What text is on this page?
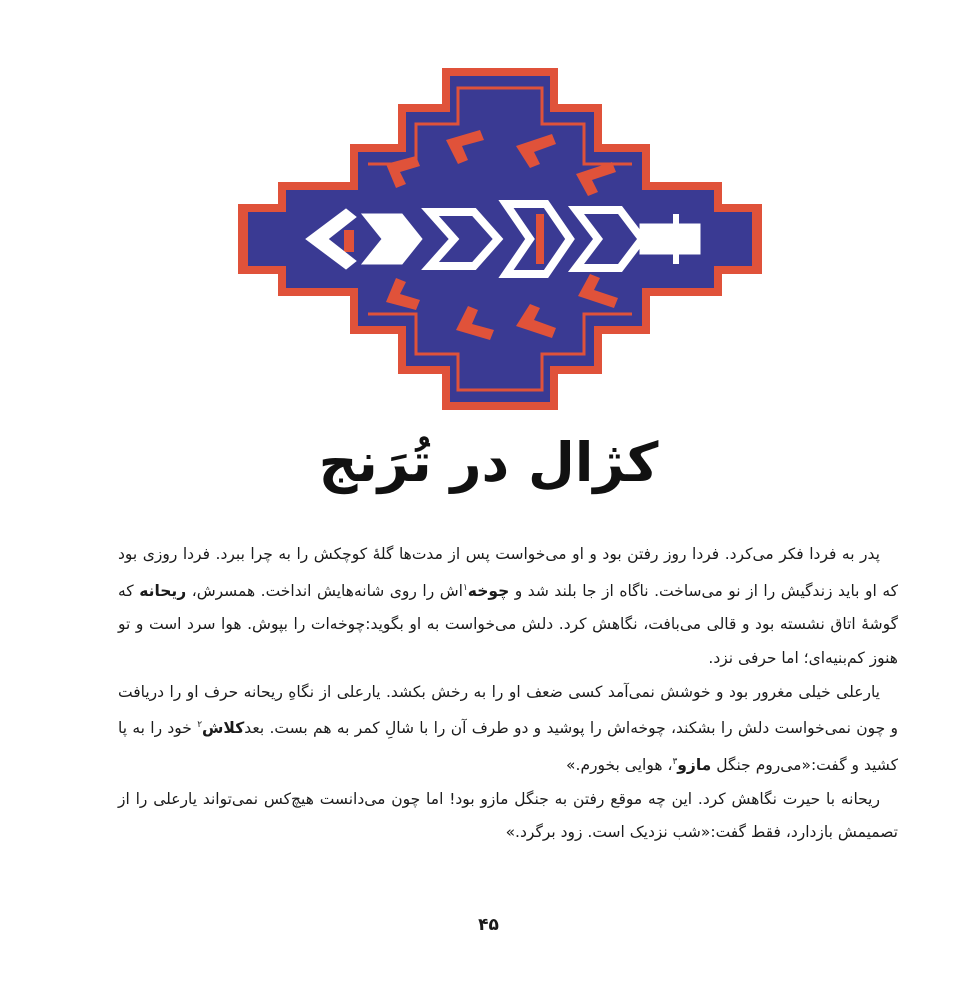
کژال در تُرَنج

پدر به فردا فکر می‌کرد. فردا روز رفتن بود و او می‌خواست پس از مدت‌ها گلهٔ کوچکش را به چرا ببرد. فردا روزی بود که او باید زندگیش را از نو می‌ساخت. ناگاه از جا بلند شد و چوخه$^۱$اش را روی شانه‌هایش انداخت. همسرش، ریحانه که گوشهٔ اتاق نشسته بود و قالی می‌بافت، نگاهش کرد. دلش می‌خواست به او بگوید:چوخه‌ات را بپوش. هوا سرد است و تو هنوز کم‌بنیه‌ای؛ اما حرفی نزد.

یارعلی خیلی مغرور بود و خوشش نمی‌آمد کسی ضعف او را به رخش بکشد. یارعلی از نگاهِ ریحانه حرف او را دریافت و چون نمی‌خواست دلش را بشکند، چوخه‌اش را پوشید و دو طرف آن را با شالِ کمر به هم بست. بعدکلاش$^۲$ خود را به پا کشید و گفت:«می‌روم جنگل مازو$^۳$، هوایی بخورم.»

ریحانه با حیرت نگاهش کرد. این چه موقع رفتن به جنگل مازو بود! اما چون می‌دانست هیچ‌کس نمی‌تواند یارعلی را از تصمیمش بازدارد، فقط گفت:«شب نزدیک است. زود برگرد.»

۴۵
